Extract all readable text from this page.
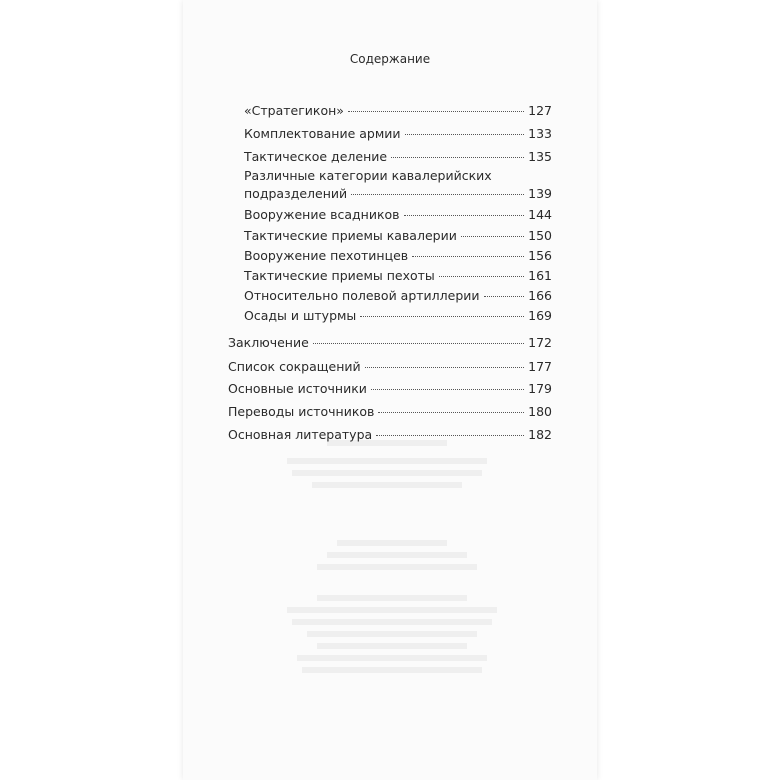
Содержание
«Стратегикон»	127
Комплектование армии	133
Тактическое деление	135
Различные категории кавалерийских
подразделений	139
Вооружение всадников	144
Тактические приемы кавалерии	150
Вооружение пехотинцев	156
Тактические приемы пехоты	161
Относительно полевой артиллерии	166
Осады и штурмы	169
Заключение	172
Список сокращений	177
Основные источники	179
Переводы источников	180
Основная литература	182
